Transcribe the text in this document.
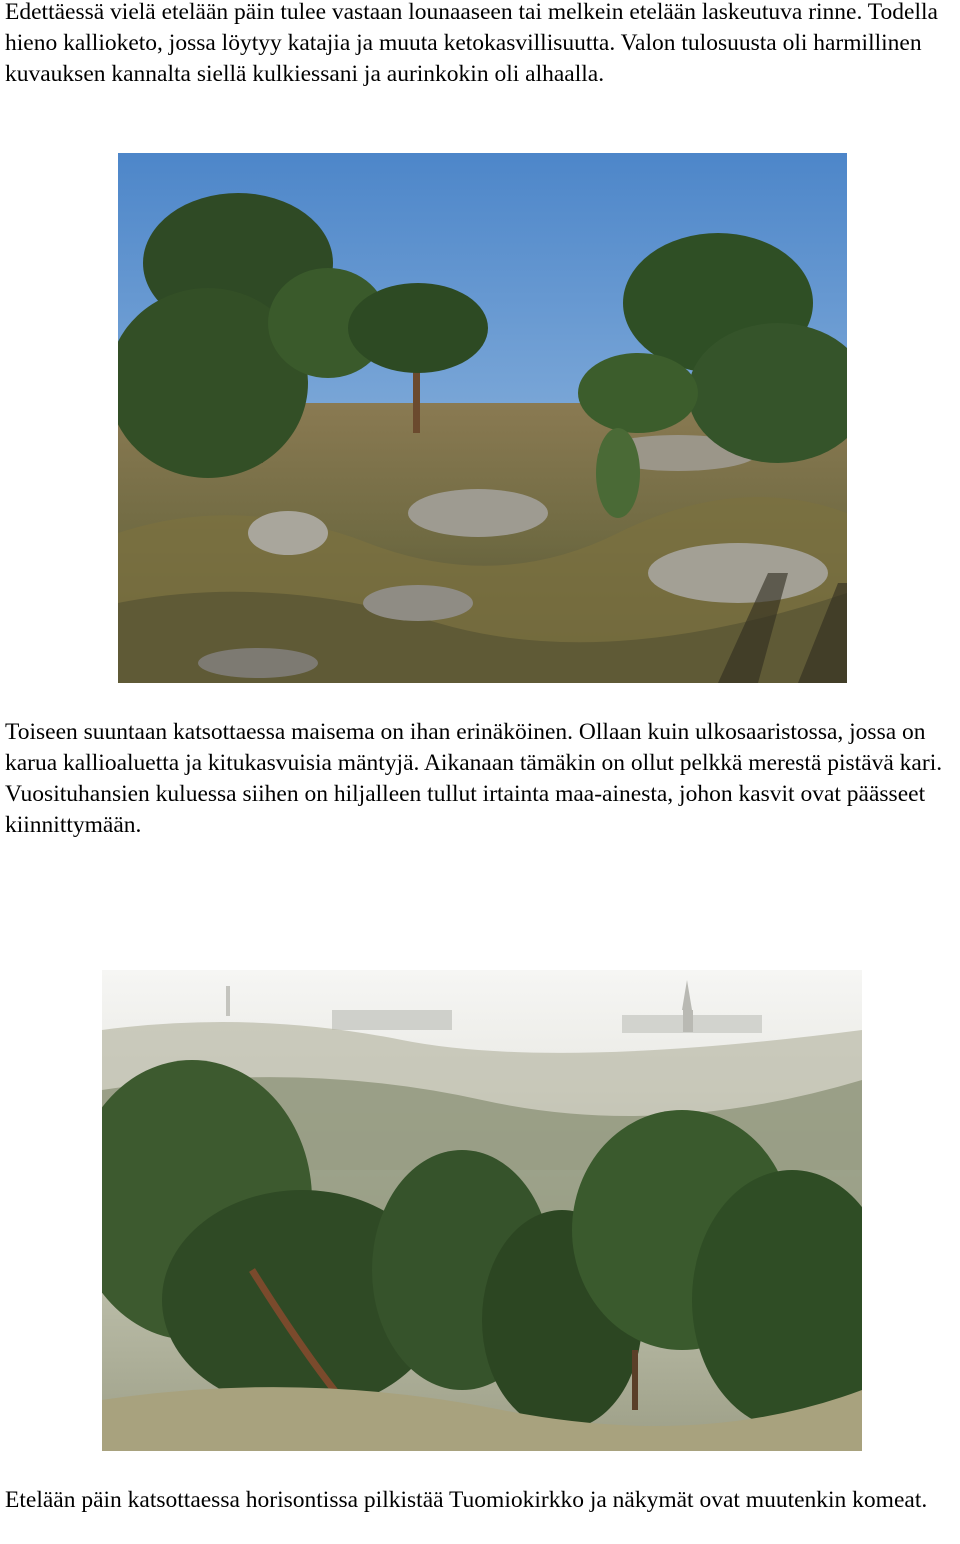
Edettäessä vielä etelään päin tulee vastaan lounaaseen tai melkein etelään laskeutuva rinne. Todella hieno kallioketo, jossa löytyy katajia ja muuta ketokasvillisuutta. Valon tulosuusta oli harmillinen kuvauksen kannalta siellä kulkiessani ja aurinkokin oli alhaalla.

Toiseen suuntaan katsottaessa maisema on ihan erinäköinen. Ollaan kuin ulkosaaristossa, jossa on karua kallioaluetta ja kitukasvuisia mäntyjä. Aikanaan tämäkin on ollut pelkkä merestä pistävä kari. Vuosituhansien kuluessa siihen on hiljalleen tullut irtainta maa-ainesta, johon kasvit ovat päässeet kiinnittymään.

Etelään päin katsottaessa horisontissa pilkistää Tuomiokirkko ja näkymät ovat muutenkin komeat.
